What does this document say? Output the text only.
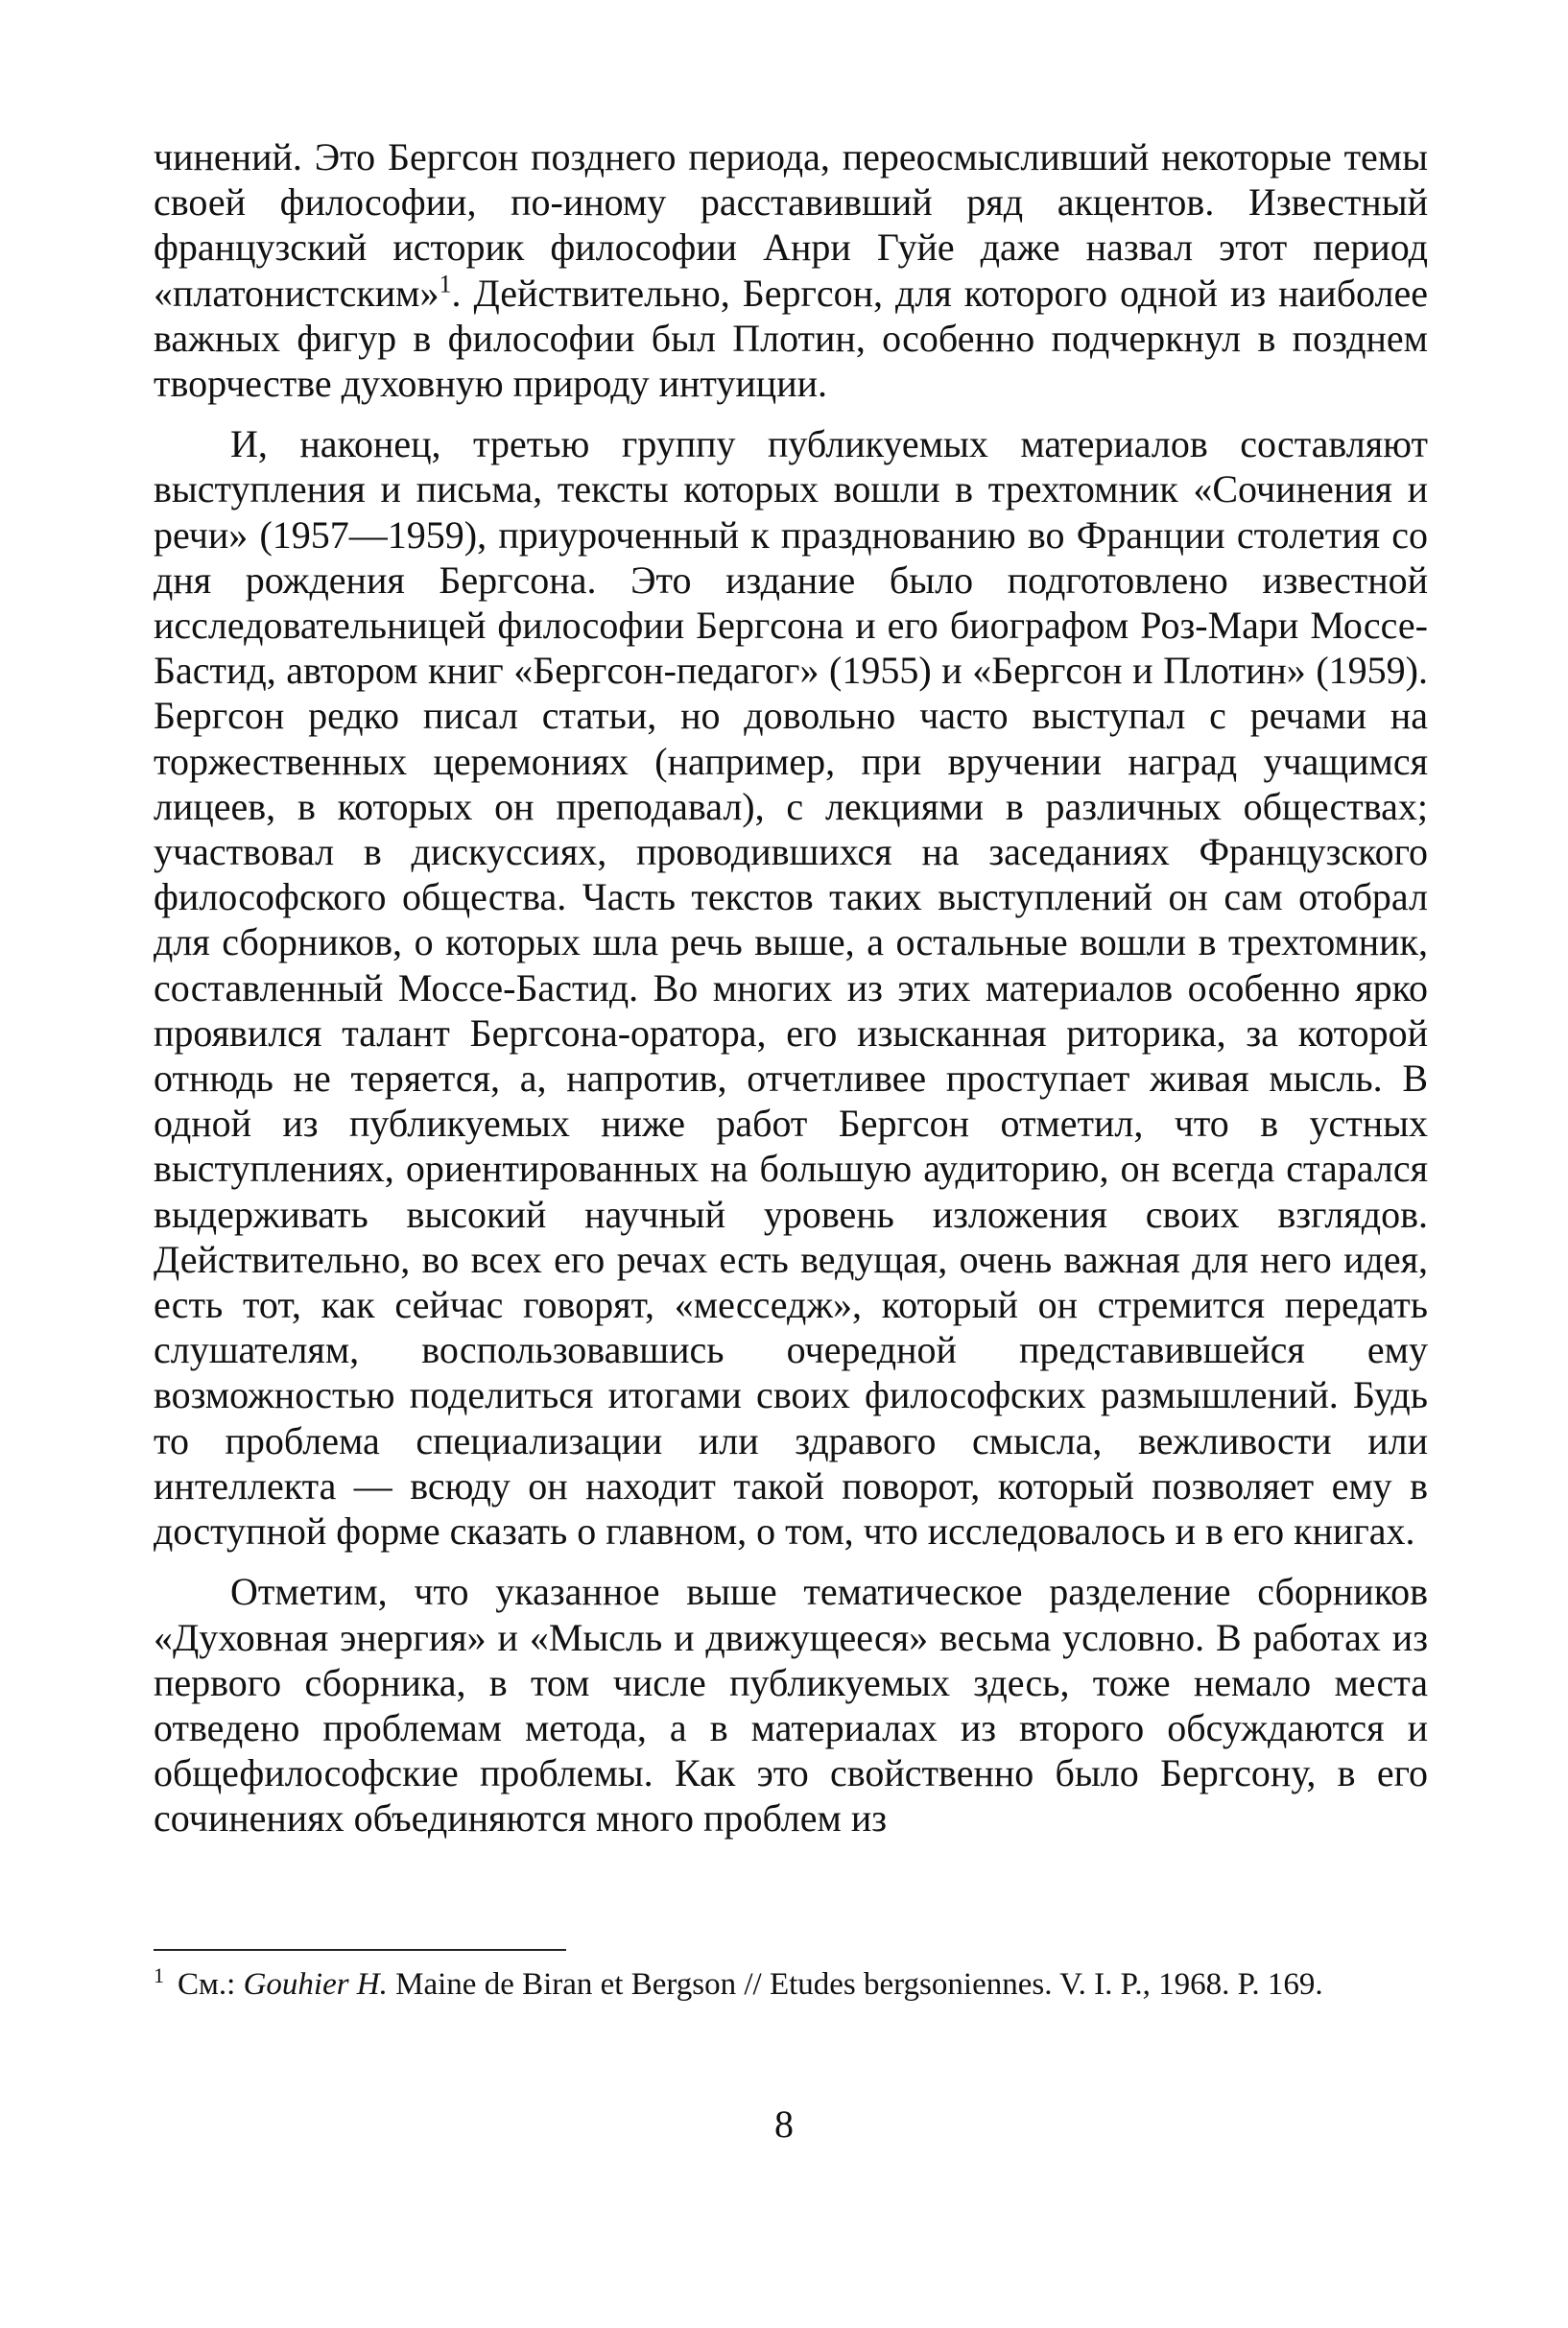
чинений. Это Бергсон позднего периода, переосмысливший некоторые темы своей философии, по-иному расставивший ряд акцентов. Известный французский историк философии Анри Гуйе даже назвал этот период «платонистским»$^1$. Действительно, Бергсон, для которого одной из наиболее важных фигур в философии был Плотин, особенно подчеркнул в позднем творчестве духовную природу интуиции.

И, наконец, третью группу публикуемых материалов составляют выступления и письма, тексты которых вошли в трехтомник «Сочинения и речи» (1957—1959), приуроченный к празднованию во Франции столетия со дня рождения Бергсона. Это издание было подготовлено известной исследовательницей философии Бергсона и его биографом Роз-Мари Моссе-Бастид, автором книг «Бергсон-педагог» (1955) и «Бергсон и Плотин» (1959). Бергсон редко писал статьи, но довольно часто выступал с речами на торжественных церемониях (например, при вручении наград учащимся лицеев, в которых он преподавал), с лекциями в различных обществах; участвовал в дискуссиях, проводившихся на заседаниях Французского философского общества. Часть текстов таких выступлений он сам отобрал для сборников, о которых шла речь выше, а остальные вошли в трехтомник, составленный Моссе-Бастид. Во многих из этих материалов особенно ярко проявился талант Бергсона-оратора, его изысканная риторика, за которой отнюдь не теряется, а, напротив, отчетливее проступает живая мысль. В одной из публикуемых ниже работ Бергсон отметил, что в устных выступлениях, ориентированных на большую аудиторию, он всегда старался выдерживать высокий научный уровень изложения своих взглядов. Действительно, во всех его речах есть ведущая, очень важная для него идея, есть тот, как сейчас говорят, «месседж», который он стремится передать слушателям, воспользовавшись очередной представившейся ему возможностью поделиться итогами своих философских размышлений. Будь то проблема специализации или здравого смысла, вежливости или интеллекта — всюду он находит такой поворот, который позволяет ему в доступной форме сказать о главном, о том, что исследовалось и в его книгах.

Отметим, что указанное выше тематическое разделение сборников «Духовная энергия» и «Мысль и движущееся» весьма условно. В работах из первого сборника, в том числе публикуемых здесь, тоже немало места отведено проблемам метода, а в материалах из второго обсуждаются и общефилософские проблемы. Как это свойственно было Бергсону, в его сочинениях объединяются много проблем из

$^1$ См.: Gouhier H. Maine de Biran et Bergson // Etudes bergsoniennes. V. I. P., 1968. P. 169.
8
